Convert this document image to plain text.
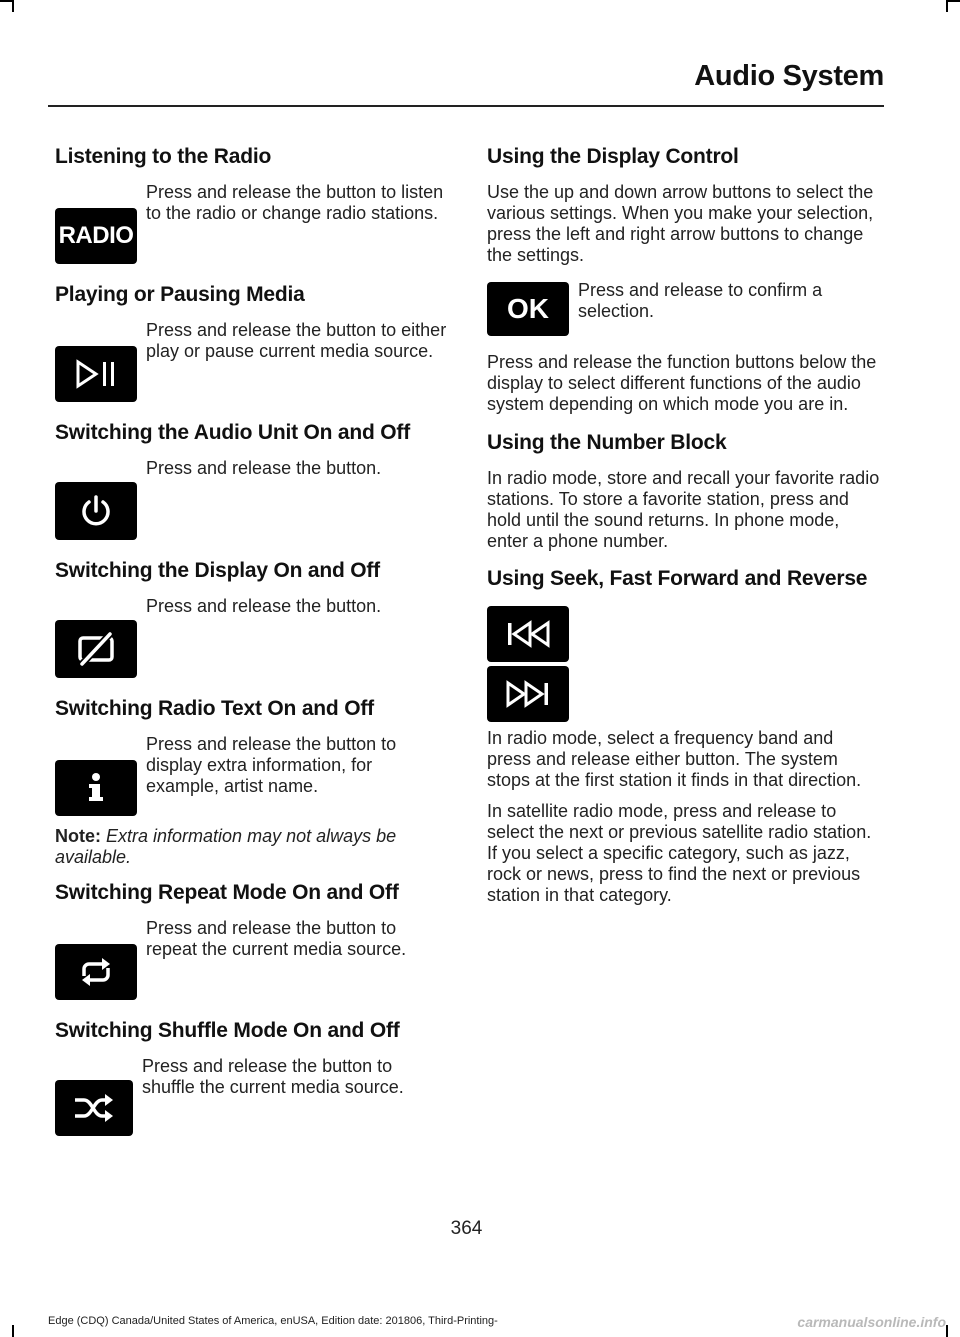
Audio System
Listening to the Radio
RADIO
Press and release the button to listen to the radio or change radio stations.
Playing or Pausing Media
Press and release the button to either play or pause current media source.
Switching the Audio Unit On and Off
Press and release the button.
Switching the Display On and Off
Press and release the button.
Switching Radio Text On and Off
Press and release the button to display extra information, for example, artist name.

Note: Extra information may not always be available.

Switching Repeat Mode On and Off
Press and release the button to repeat the current media source.
Switching Shuffle Mode On and Off
Press and release the button to shuffle the current media source.
Using the Display Control

Use the up and down arrow buttons to select the various settings. When you make your selection, press the left and right arrow buttons to change the settings.

OK
Press and release to confirm a selection.

Press and release the function buttons below the display to select different functions of the audio system depending on which mode you are in.

Using the Number Block

In radio mode, store and recall your favorite radio stations. To store a favorite station, press and hold until the sound returns. In phone mode, enter a phone number.

Using Seek, Fast Forward and Reverse

In radio mode, select a frequency band and press and release either button. The system stops at the first station it finds in that direction.

In satellite radio mode, press and release to select the next or previous satellite radio station. If you select a specific category, such as jazz, rock or news, press to find the next or previous station in that category.

364
Edge (CDQ) Canada/United States of America, enUSA, Edition date: 201806, Third-Printing-	carmanualsonline.info
